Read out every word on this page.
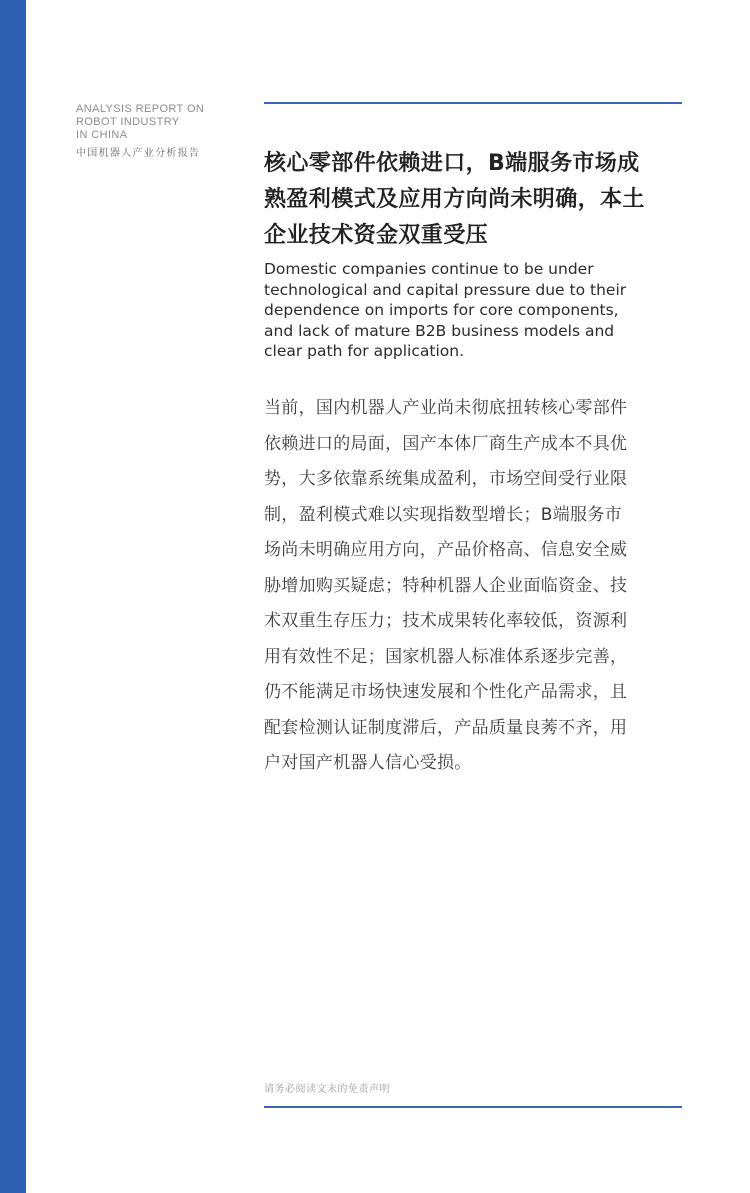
ANALYSIS REPORT ON
ROBOT INDUSTRY
IN CHINA
中国机器人产业分析报告	核心零部件依赖进口，B端服务市场成
熟盈利模式及应用方向尚未明确，本土
企业技术资金双重受压
Domestic companies continue to be under
technological and capital pressure due to their
dependence on imports for core components,
and lack of mature B2B business models and
clear path for application.
当前，国内机器人产业尚未彻底扭转核心零部件
依赖进口的局面，国产本体厂商生产成本不具优
势，大多依靠系统集成盈利，市场空间受行业限
制，盈利模式难以实现指数型增长；B端服务市
场尚未明确应用方向，产品价格高、信息安全威
胁增加购买疑虑；特种机器人企业面临资金、技
术双重生存压力；技术成果转化率较低，资源利
用有效性不足；国家机器人标准体系逐步完善，
仍不能满足市场快速发展和个性化产品需求，且
配套检测认证制度滞后，产品质量良莠不齐，用
户对国产机器人信心受损。
请务必阅读文末的免责声明
